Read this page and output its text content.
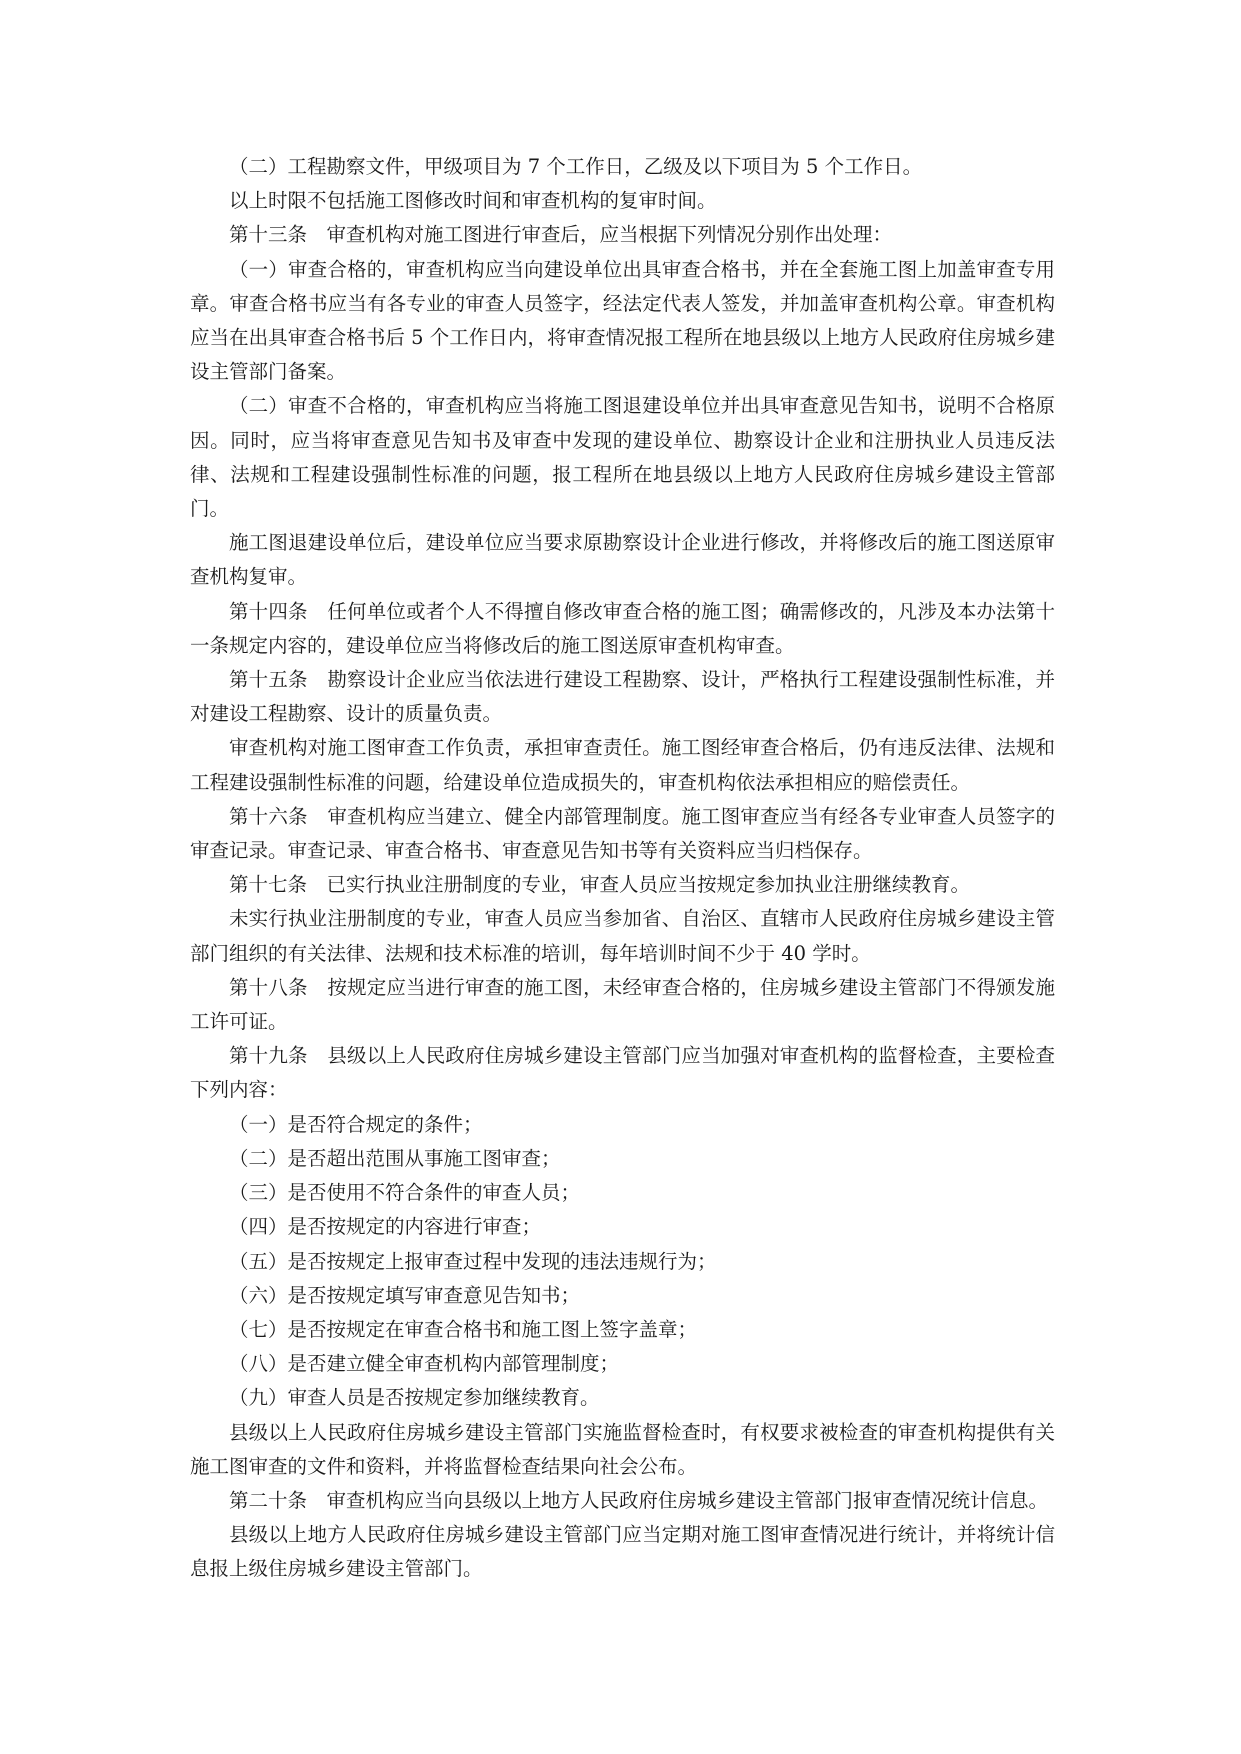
（二）工程勘察文件，甲级项目为 7 个工作日，乙级及以下项目为 5 个工作日。

以上时限不包括施工图修改时间和审查机构的复审时间。

第十三条　审查机构对施工图进行审查后，应当根据下列情况分别作出处理：

（一）审查合格的，审查机构应当向建设单位出具审查合格书，并在全套施工图上加盖审查专用章。审查合格书应当有各专业的审查人员签字，经法定代表人签发，并加盖审查机构公章。审查机构应当在出具审查合格书后 5 个工作日内，将审查情况报工程所在地县级以上地方人民政府住房城乡建设主管部门备案。

（二）审查不合格的，审查机构应当将施工图退建设单位并出具审查意见告知书，说明不合格原因。同时，应当将审查意见告知书及审查中发现的建设单位、勘察设计企业和注册执业人员违反法律、法规和工程建设强制性标准的问题，报工程所在地县级以上地方人民政府住房城乡建设主管部门。

施工图退建设单位后，建设单位应当要求原勘察设计企业进行修改，并将修改后的施工图送原审查机构复审。

第十四条　任何单位或者个人不得擅自修改审查合格的施工图；确需修改的，凡涉及本办法第十一条规定内容的，建设单位应当将修改后的施工图送原审查机构审查。

第十五条　勘察设计企业应当依法进行建设工程勘察、设计，严格执行工程建设强制性标准，并对建设工程勘察、设计的质量负责。

审查机构对施工图审查工作负责，承担审查责任。施工图经审查合格后，仍有违反法律、法规和工程建设强制性标准的问题，给建设单位造成损失的，审查机构依法承担相应的赔偿责任。

第十六条　审查机构应当建立、健全内部管理制度。施工图审查应当有经各专业审查人员签字的审查记录。审查记录、审查合格书、审查意见告知书等有关资料应当归档保存。

第十七条　已实行执业注册制度的专业，审查人员应当按规定参加执业注册继续教育。

未实行执业注册制度的专业，审查人员应当参加省、自治区、直辖市人民政府住房城乡建设主管部门组织的有关法律、法规和技术标准的培训，每年培训时间不少于 40 学时。

第十八条　按规定应当进行审查的施工图，未经审查合格的，住房城乡建设主管部门不得颁发施工许可证。

第十九条　县级以上人民政府住房城乡建设主管部门应当加强对审查机构的监督检查，主要检查下列内容：

（一）是否符合规定的条件；

（二）是否超出范围从事施工图审查；

（三）是否使用不符合条件的审查人员；

（四）是否按规定的内容进行审查；

（五）是否按规定上报审查过程中发现的违法违规行为；

（六）是否按规定填写审查意见告知书；

（七）是否按规定在审查合格书和施工图上签字盖章；

（八）是否建立健全审查机构内部管理制度；

（九）审查人员是否按规定参加继续教育。

县级以上人民政府住房城乡建设主管部门实施监督检查时，有权要求被检查的审查机构提供有关施工图审查的文件和资料，并将监督检查结果向社会公布。

第二十条　审查机构应当向县级以上地方人民政府住房城乡建设主管部门报审查情况统计信息。

县级以上地方人民政府住房城乡建设主管部门应当定期对施工图审查情况进行统计，并将统计信息报上级住房城乡建设主管部门。
